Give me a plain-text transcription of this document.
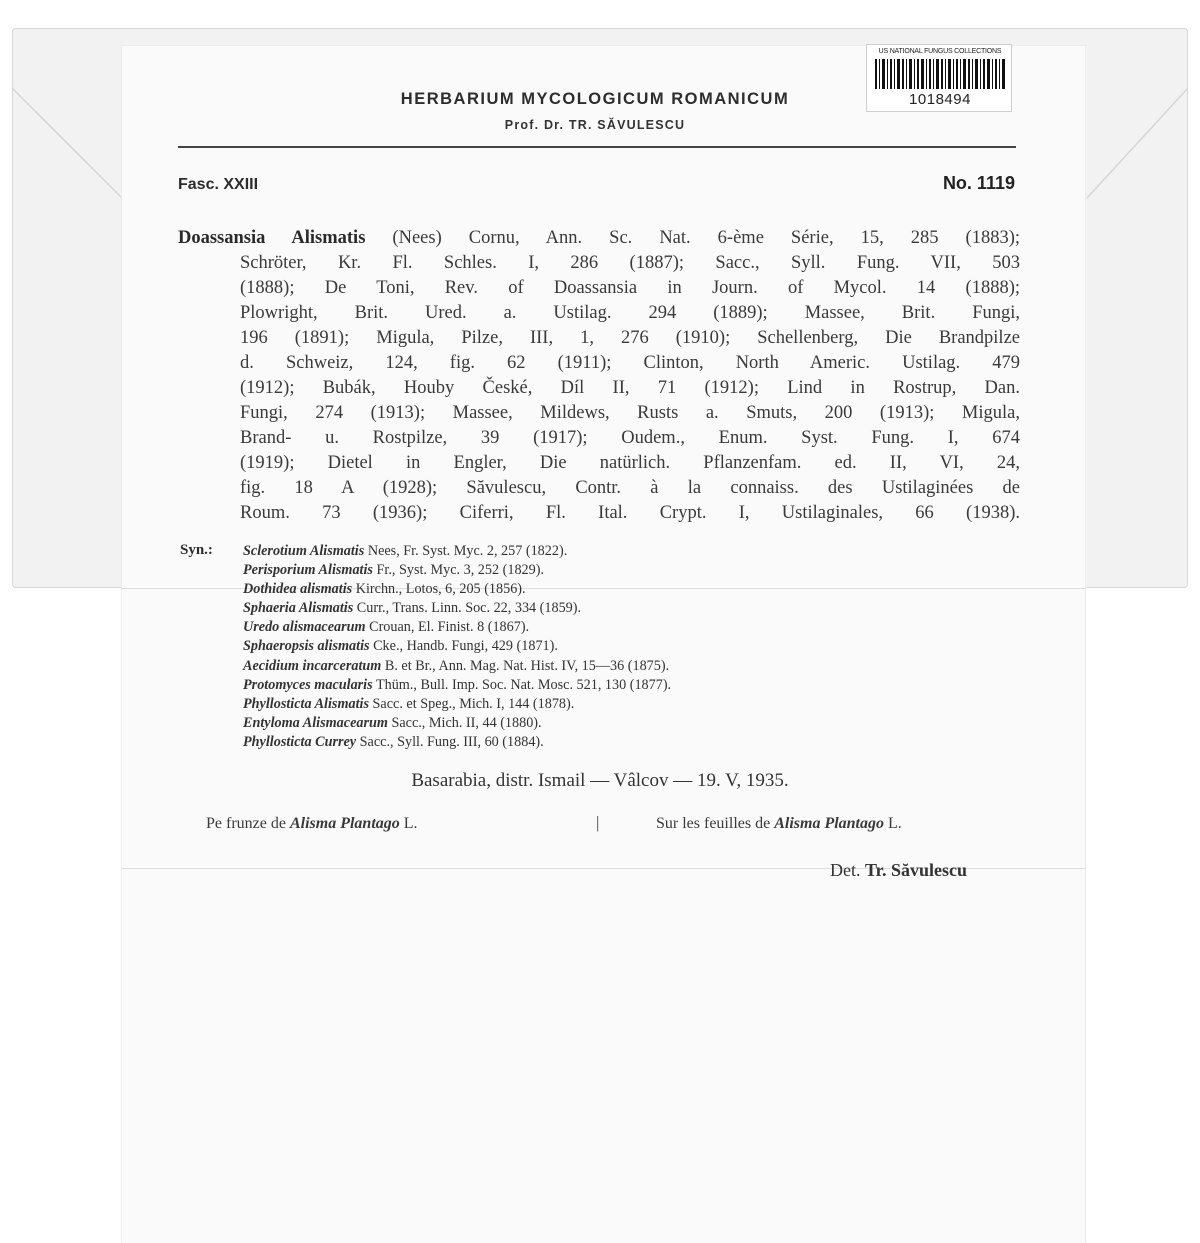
US NATIONAL FUNGUS COLLECTIONS
1018494
HERBARIUM MYCOLOGICUM ROMANICUM
Prof. Dr. TR. SĂVULESCU
Fasc. XXIII	No. 1119
Doassansia Alismatis (Nees) Cornu, Ann. Sc. Nat. 6-ème Série, 15, 285 (1883);
Schröter, Kr. Fl. Schles. I, 286 (1887); Sacc., Syll. Fung. VII, 503
(1888); De Toni, Rev. of Doassansia in Journ. of Mycol. 14 (1888);
Plowright, Brit. Ured. a. Ustilag. 294 (1889); Massee, Brit. Fungi,
196 (1891); Migula, Pilze, III, 1, 276 (1910); Schellenberg, Die Brandpilze
d. Schweiz, 124, fig. 62 (1911); Clinton, North Americ. Ustilag. 479
(1912); Bubák, Houby České, Díl II, 71 (1912); Lind in Rostrup, Dan.
Fungi, 274 (1913); Massee, Mildews, Rusts a. Smuts, 200 (1913); Migula,
Brand- u. Rostpilze, 39 (1917); Oudem., Enum. Syst. Fung. I, 674
(1919); Dietel in Engler, Die natürlich. Pflanzenfam. ed. II, VI, 24,
fig. 18 A (1928); Săvulescu, Contr. à la connaiss. des Ustilaginées de
Roum. 73 (1936); Ciferri, Fl. Ital. Crypt. I, Ustilaginales, 66 (1938).
Syn.: Sclerotium Alismatis Nees, Fr. Syst. Myc. 2, 257 (1822).
Perisporium Alismatis Fr., Syst. Myc. 3, 252 (1829).
Dothidea alismatis Kirchn., Lotos, 6, 205 (1856).
Sphaeria Alismatis Curr., Trans. Linn. Soc. 22, 334 (1859).
Uredo alismacearum Crouan, El. Finist. 8 (1867).
Sphaeropsis alismatis Cke., Handb. Fungi, 429 (1871).
Aecidium incarceratum B. et Br., Ann. Mag. Nat. Hist. IV, 15—36 (1875).
Protomyces macularis Thüm., Bull. Imp. Soc. Nat. Mosc. 521, 130 (1877).
Phyllosticta Alismatis Sacc. et Speg., Mich. I, 144 (1878).
Entyloma Alismacearum Sacc., Mich. II, 44 (1880).
Phyllosticta Currey Sacc., Syll. Fung. III, 60 (1884).
Basarabia, distr. Ismail — Vâlcov — 19. V, 1935.
Pe frunze de Alisma Plantago L.	|	Sur les feuilles de Alisma Plantago L.
Det. Tr. Săvulescu
